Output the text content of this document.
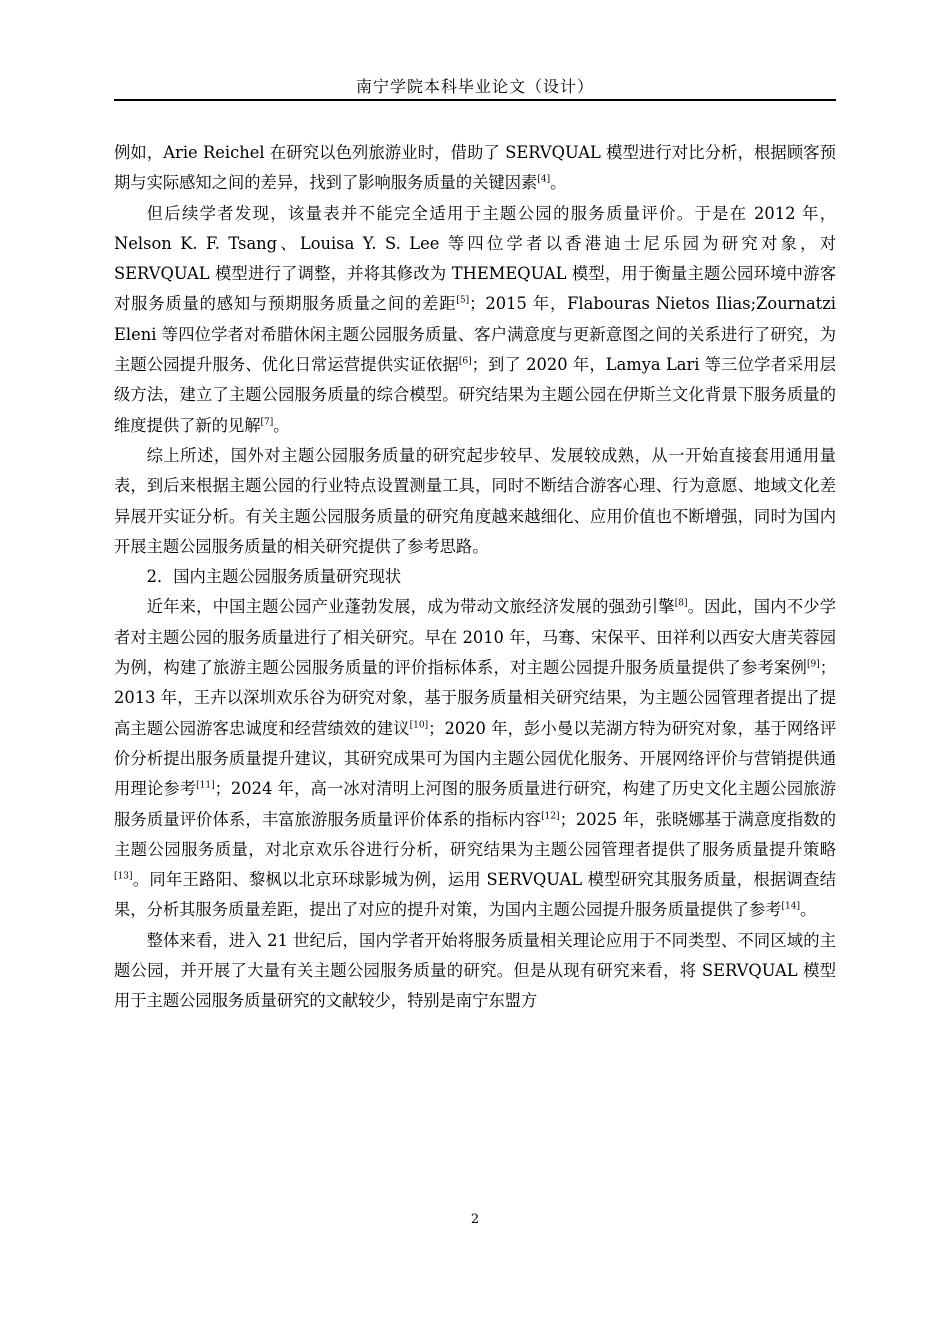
南宁学院本科毕业论文（设计）

例如，Arie Reichel 在研究以色列旅游业时，借助了 SERVQUAL 模型进行对比分析，根据顾客预期与实际感知之间的差异，找到了影响服务质量的关键因素[4]。

但后续学者发现，该量表并不能完全适用于主题公园的服务质量评价。于是在 2012 年，Nelson K. F. Tsang、Louisa Y. S. Lee 等四位学者以香港迪士尼乐园为研究对象，对 SERVQUAL 模型进行了调整，并将其修改为 THEMEQUAL 模型，用于衡量主题公园环境中游客对服务质量的感知与预期服务质量之间的差距[5]；2015 年，Flabouras Nietos Ilias;Zournatzi Eleni 等四位学者对希腊休闲主题公园服务质量、客户满意度与更新意图之间的关系进行了研究，为主题公园提升服务、优化日常运营提供实证依据[6]；到了 2020 年，Lamya Lari 等三位学者采用层级方法，建立了主题公园服务质量的综合模型。研究结果为主题公园在伊斯兰文化背景下服务质量的维度提供了新的见解[7]。

综上所述，国外对主题公园服务质量的研究起步较早、发展较成熟，从一开始直接套用通用量表，到后来根据主题公园的行业特点设置测量工具，同时不断结合游客心理、行为意愿、地域文化差异展开实证分析。有关主题公园服务质量的研究角度越来越细化、应用价值也不断增强，同时为国内开展主题公园服务质量的相关研究提供了参考思路。

2．国内主题公园服务质量研究现状

近年来，中国主题公园产业蓬勃发展，成为带动文旅经济发展的强劲引擎[8]。因此，国内不少学者对主题公园的服务质量进行了相关研究。早在 2010 年，马骞、宋保平、田祥利以西安大唐芙蓉园为例，构建了旅游主题公园服务质量的评价指标体系，对主题公园提升服务质量提供了参考案例[9]；2013 年，王卉以深圳欢乐谷为研究对象，基于服务质量相关研究结果，为主题公园管理者提出了提高主题公园游客忠诚度和经营绩效的建议[10]；2020 年，彭小曼以芜湖方特为研究对象，基于网络评价分析提出服务质量提升建议，其研究成果可为国内主题公园优化服务、开展网络评价与营销提供通用理论参考[11]；2024 年，高一冰对清明上河图的服务质量进行研究，构建了历史文化主题公园旅游服务质量评价体系，丰富旅游服务质量评价体系的指标内容[12]；2025 年，张晓娜基于满意度指数的主题公园服务质量，对北京欢乐谷进行分析，研究结果为主题公园管理者提供了服务质量提升策略[13]。同年王路阳、黎枫以北京环球影城为例，运用 SERVQUAL 模型研究其服务质量，根据调查结果，分析其服务质量差距，提出了对应的提升对策，为国内主题公园提升服务质量提供了参考[14]。

整体来看，进入 21 世纪后，国内学者开始将服务质量相关理论应用于不同类型、不同区域的主题公园，并开展了大量有关主题公园服务质量的研究。但是从现有研究来看，将 SERVQUAL 模型用于主题公园服务质量研究的文献较少，特别是南宁东盟方

2
